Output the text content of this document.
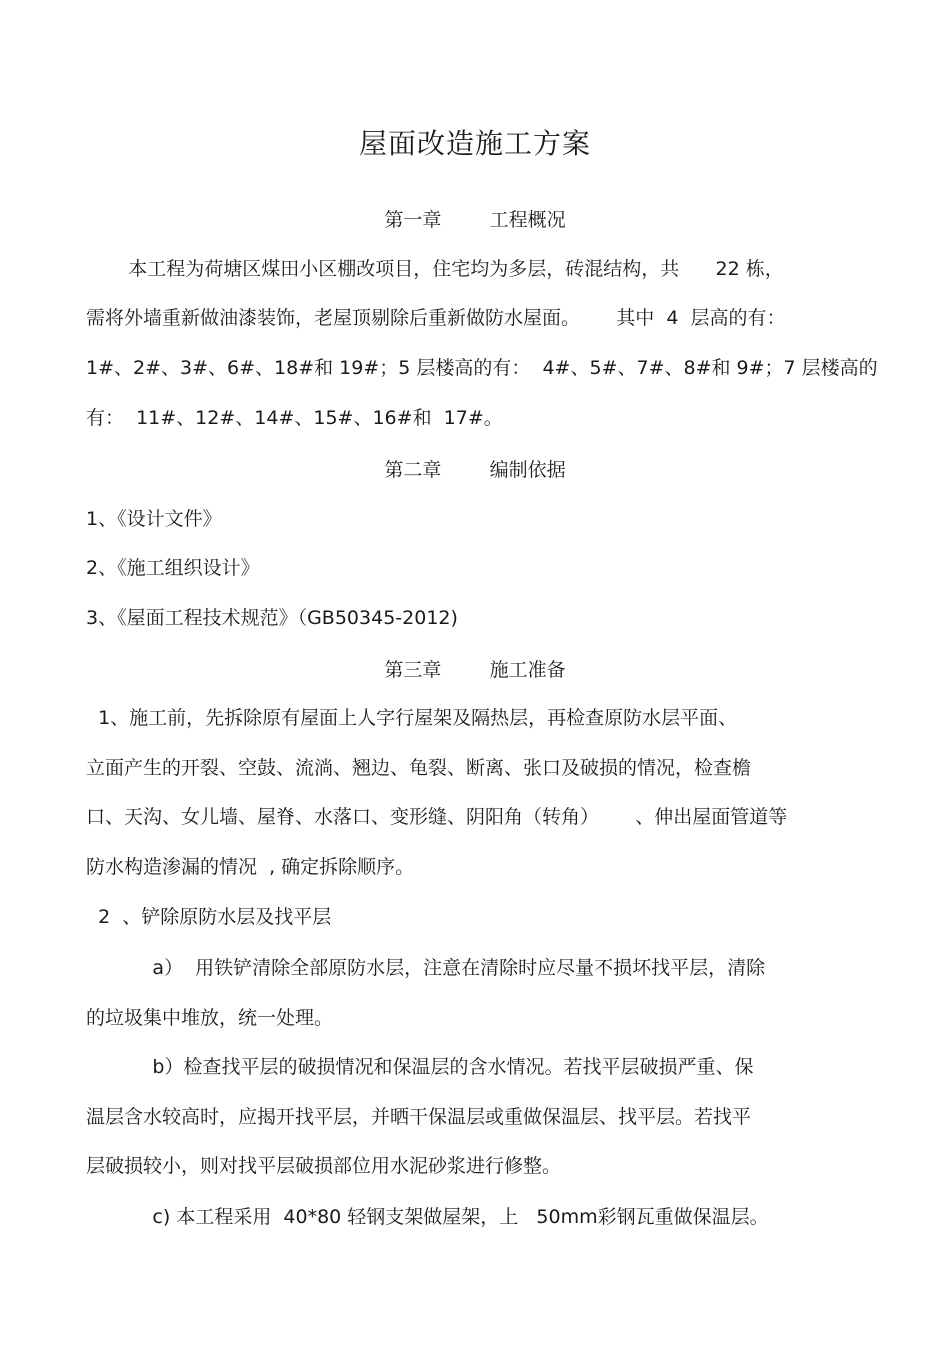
屋面改造施工方案
第一章        工程概况
本工程为荷塘区煤田小区棚改项目，住宅均为多层，砖混结构，共      22 栋，
需将外墙重新做油漆装饰，老屋顶剔除后重新做防水屋面。      其中  4  层高的有：
1#、2#、3#、6#、18#和 19#；5 层楼高的有：  4#、5#、7#、8#和 9#；7 层楼高的
有：  11#、12#、14#、15#、16#和  17#。
第二章        编制依据
1、《设计文件》
2、《施工组织设计》
3、《屋面工程技术规范》（GB50345-2012)
第三章        施工准备
1、施工前，先拆除原有屋面上人字行屋架及隔热层，再检查原防水层平面、
立面产生的开裂、空鼓、流淌、翘边、龟裂、断离、张口及破损的情况，检查檐
口、天沟、女儿墙、屋脊、水落口、变形缝、阴阳角（转角）      、伸出屋面管道等
防水构造渗漏的情况  , 确定拆除顺序。
2  、铲除原防水层及找平层
a）  用铁铲清除全部原防水层，注意在清除时应尽量不损坏找平层，清除
的垃圾集中堆放，统一处理。
b）检查找平层的破损情况和保温层的含水情况。若找平层破损严重、保
温层含水较高时，应揭开找平层，并晒干保温层或重做保温层、找平层。若找平
层破损较小，则对找平层破损部位用水泥砂浆进行修整。
c) 本工程采用  40*80 轻钢支架做屋架，上   50mm彩钢瓦重做保温层。
